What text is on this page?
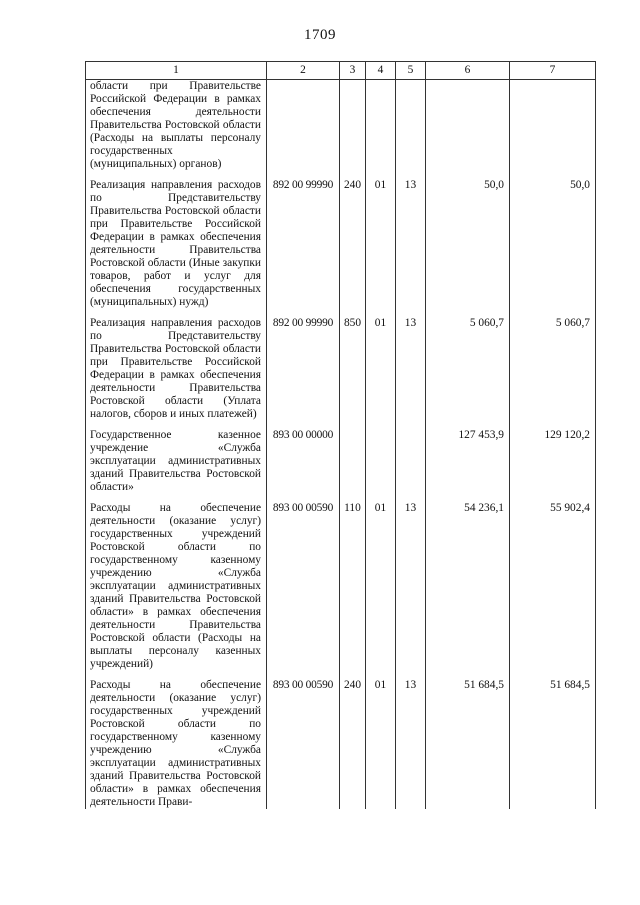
1709
1	2	3	4	5	6	7
области при Правительстве Российской Федерации в рамках обеспечения деятельности Правительства Ростовской области (Расходы на выплаты персоналу государственных (муниципальных) органов)						
Реализация направления расходов по Представительству Правительства Ростовской области при Правительстве Российской Федерации в рамках обеспечения деятельности Правительства Ростовской области (Иные закупки товаров, работ и услуг для обеспечения государственных (муниципальных) нужд)	892 00 99990	240	01	13	50,0	50,0
Реализация направления расходов по Представительству Правительства Ростовской области при Правительстве Российской Федерации в рамках обеспечения деятельности Правительства Ростовской области (Уплата налогов, сборов и иных платежей)	892 00 99990	850	01	13	5 060,7	5 060,7
Государственное казенное учреждение «Служба эксплуатации административных зданий Правительства Ростовской области»	893 00 00000				127 453,9	129 120,2
Расходы на обеспечение деятельности (оказание услуг) государственных учреждений Ростовской области по государственному казенному учреждению «Служба эксплуатации административных зданий Правительства Ростовской области» в рамках обеспечения деятельности Правительства Ростовской области (Расходы на выплаты персоналу казенных учреждений)	893 00 00590	110	01	13	54 236,1	55 902,4
Расходы на обеспечение деятельности (оказание услуг) государственных учреждений Ростовской области по государственному казенному учреждению «Служба эксплуатации административных зданий Правительства Ростовской области» в рамках обеспечения деятельности Прави-	893 00 00590	240	01	13	51 684,5	51 684,5
